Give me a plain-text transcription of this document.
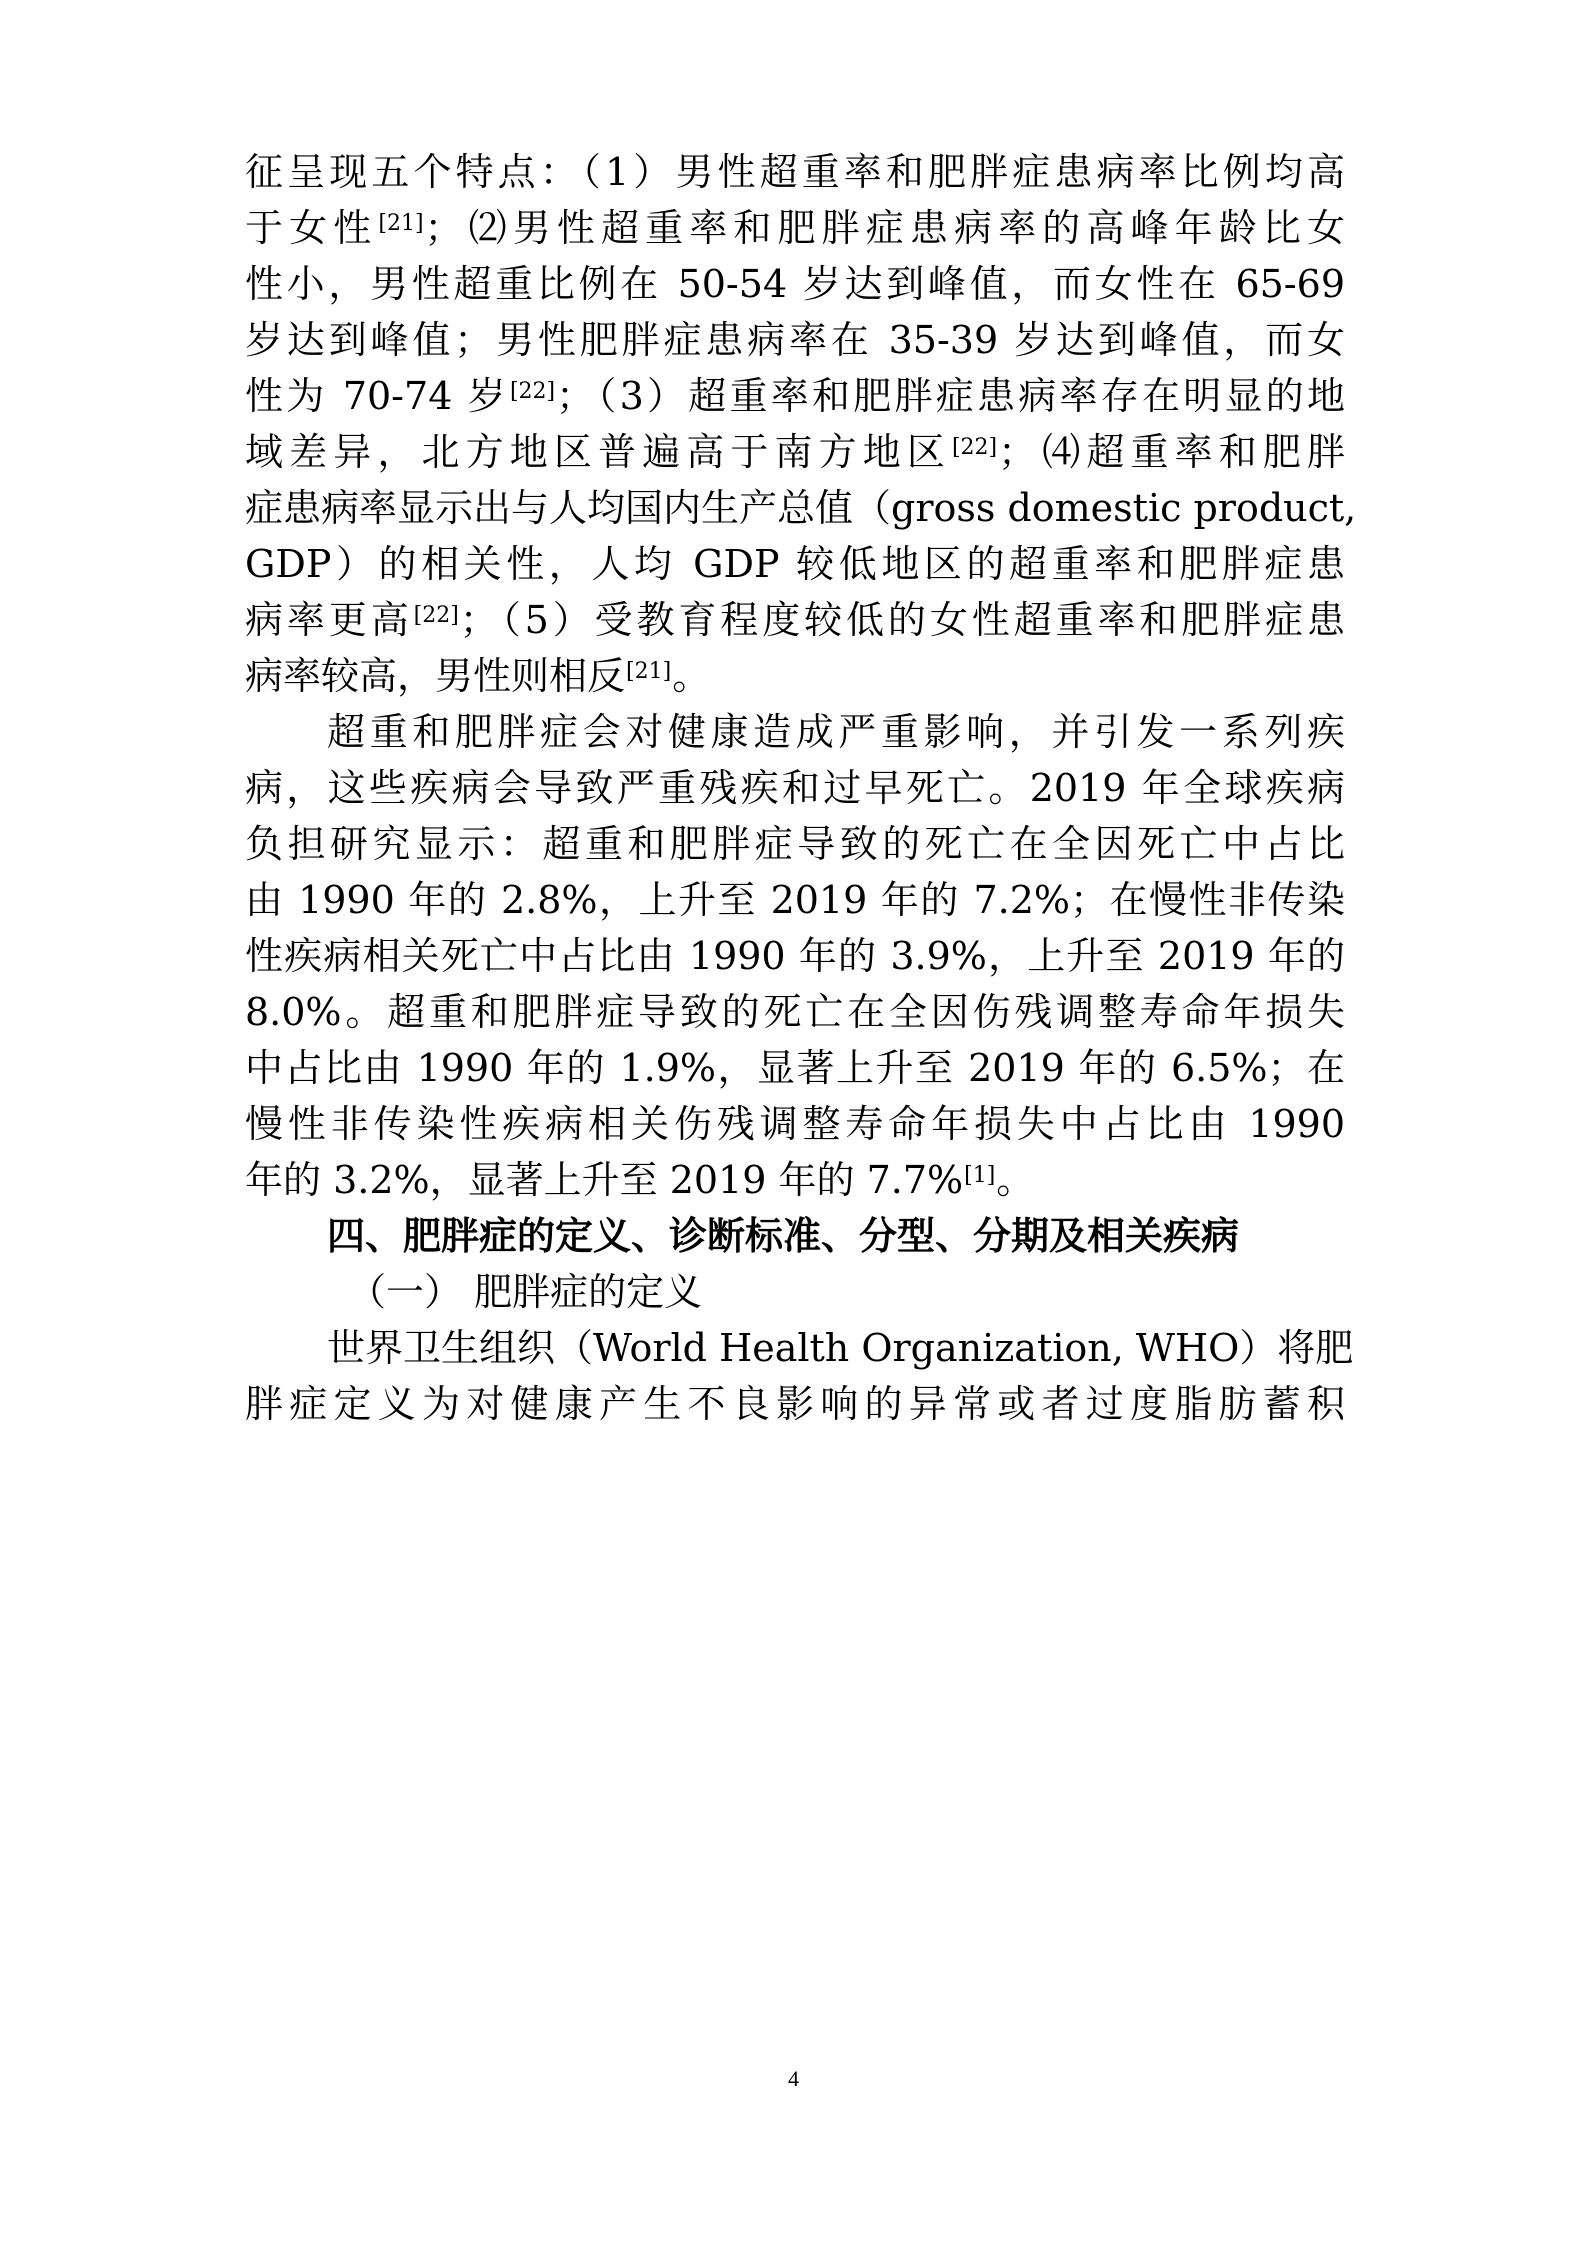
征呈现五个特点：（1）男性超重率和肥胖症患病率比例均高
于女性[21]；⑵男性超重率和肥胖症患病率的高峰年龄比女
性小，男性超重比例在 50-54 岁达到峰值，而女性在 65-69
岁达到峰值；男性肥胖症患病率在 35-39 岁达到峰值，而女
性为 70-74 岁[22]；（3）超重率和肥胖症患病率存在明显的地
域差异，北方地区普遍高于南方地区[22]；⑷超重率和肥胖
症患病率显示出与人均国内生产总值（gross domestic product,
GDP）的相关性，人均 GDP 较低地区的超重率和肥胖症患
病率更高[22]；（5）受教育程度较低的女性超重率和肥胖症患
病率较高，男性则相反[21]。
超重和肥胖症会对健康造成严重影响，并引发一系列疾
病，这些疾病会导致严重残疾和过早死亡。2019 年全球疾病
负担研究显示：超重和肥胖症导致的死亡在全因死亡中占比
由 1990 年的 2.8%，上升至 2019 年的 7.2%；在慢性非传染
性疾病相关死亡中占比由 1990 年的 3.9%，上升至 2019 年的
8.0%。超重和肥胖症导致的死亡在全因伤残调整寿命年损失
中占比由 1990 年的 1.9%，显著上升至 2019 年的 6.5%；在
慢性非传染性疾病相关伤残调整寿命年损失中占比由 1990
年的 3.2%，显著上升至 2019 年的 7.7%[1]。
四、肥胖症的定义、诊断标准、分型、分期及相关疾病
（一） 肥胖症的定义
世界卫生组织（World Health Organization, WHO）将肥
胖症定义为对健康产生不良影响的异常或者过度脂肪蓄积
4
